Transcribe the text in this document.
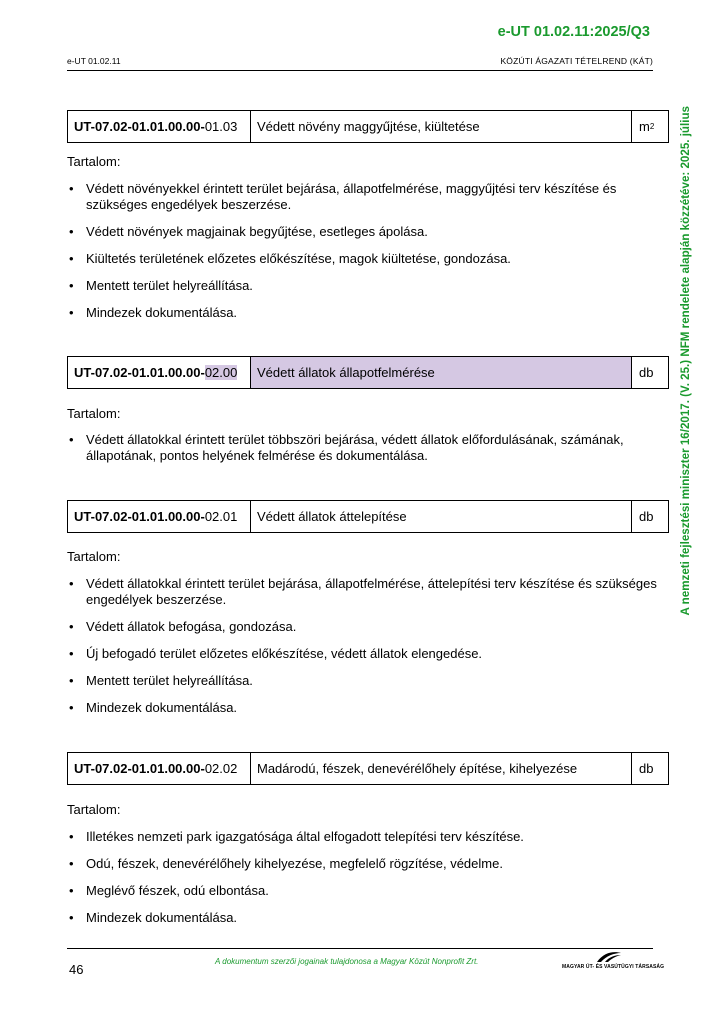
e-UT 01.02.11:2025/Q3
e-UT 01.02.11	KÖZÚTI ÁGAZATI TÉTELREND (KÁT)
A nemzeti fejlesztési miniszter 16/2017. (V. 25.) NFM rendelete alapján közzétéve: 2025. július
UT-07.02-01.01.00.00- 01.03	Védett növény maggyűjtése, kiültetése	m 2
Tartalom:
• Védett növényekkel érintett terület bejárása, állapotfelmérése, maggyűjtési terv készítése és szükséges engedélyek beszerzése.
• Védett növények magjainak begyűjtése, esetleges ápolása.
• Kiültetés területének előzetes előkészítése, magok kiültetése, gondozása.
• Mentett terület helyreállítása.
• Mindezek dokumentálása.
UT-07.02-01.01.00.00- 02.00	Védett állatok állapotfelmérése	db
Tartalom:
• Védett állatokkal érintett terület többszöri bejárása, védett állatok előfordulásának, számának, állapotának, pontos helyének felmérése és dokumentálása.
UT-07.02-01.01.00.00- 02.01	Védett állatok áttelepítése	db
Tartalom:
• Védett állatokkal érintett terület bejárása, állapotfelmérése, áttelepítési terv készítése és szükséges engedélyek beszerzése.
• Védett állatok befogása, gondozása.
• Új befogadó terület előzetes előkészítése, védett állatok elengedése.
• Mentett terület helyreállítása.
• Mindezek dokumentálása.
UT-07.02-01.01.00.00- 02.02	Madárodú, fészek, denevérélőhely építése, kihelyezése	db
Tartalom:
• Illetékes nemzeti park igazgatósága által elfogadott telepítési terv készítése.
• Odú, fészek, denevérélőhely kihelyezése, megfelelő rögzítése, védelme.
• Meglévő fészek, odú elbontása.
• Mindezek dokumentálása.
46
A dokumentum szerzői jogainak tulajdonosa a Magyar Közút Nonprofit Zrt.
MAGYAR ÚT- ÉS VASÚTÜGYI TÁRSASÁG
